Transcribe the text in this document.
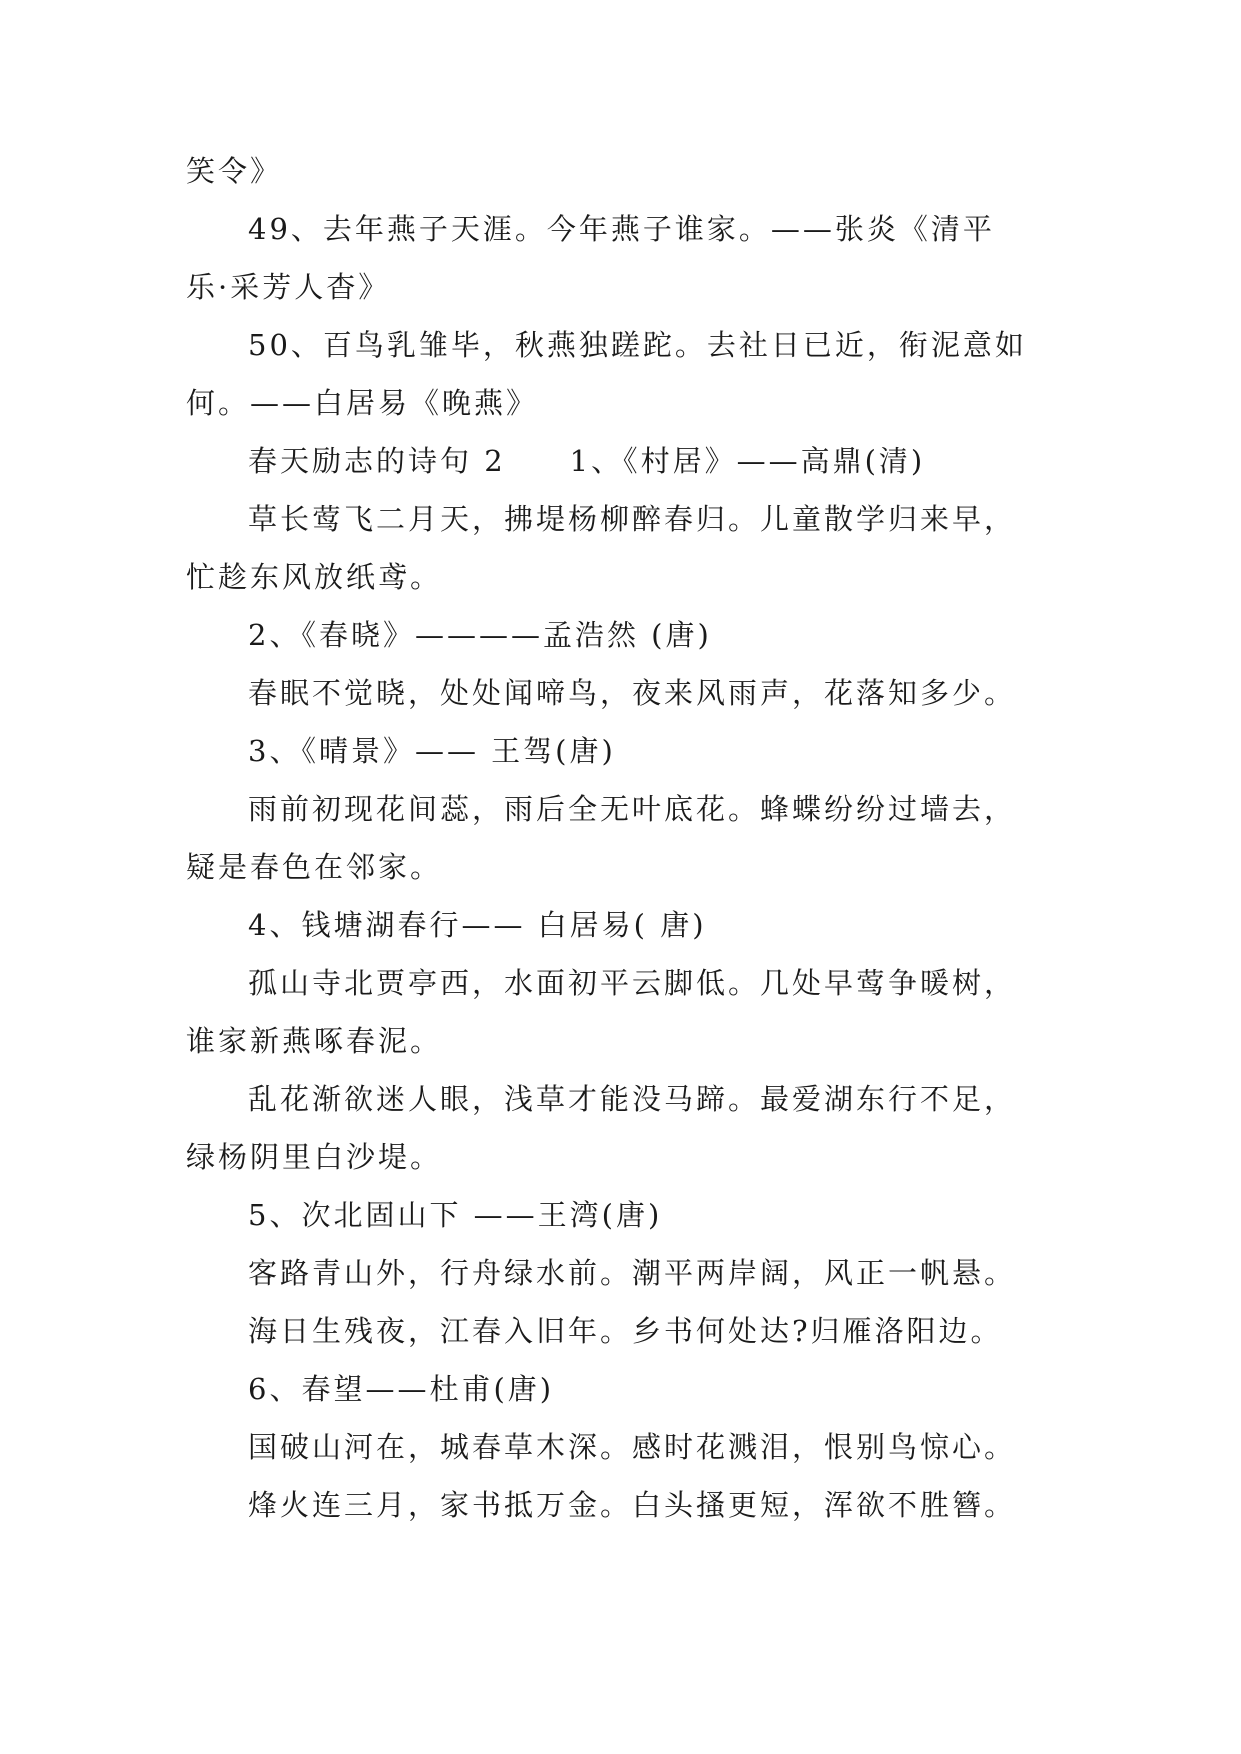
笑令》
49、去年燕子天涯。今年燕子谁家。——张炎《清平
乐·采芳人杳》
50、百鸟乳雏毕，秋燕独蹉跎。去社日已近，衔泥意如
何。——白居易《晚燕》
春天励志的诗句 2　　1、《村居》——高鼎(清)
草长莺飞二月天，拂堤杨柳醉春归。儿童散学归来早，
忙趁东风放纸鸢。
2、《春晓》————孟浩然 (唐)
春眠不觉晓，处处闻啼鸟，夜来风雨声，花落知多少。
3、《晴景》—— 王驾(唐)
雨前初现花间蕊，雨后全无叶底花。蜂蝶纷纷过墙去，
疑是春色在邻家。
4、钱塘湖春行—— 白居易( 唐)
孤山寺北贾亭西，水面初平云脚低。几处早莺争暖树，
谁家新燕啄春泥。
乱花渐欲迷人眼，浅草才能没马蹄。最爱湖东行不足，
绿杨阴里白沙堤。
5、次北固山下 ——王湾(唐)
客路青山外，行舟绿水前。潮平两岸阔，风正一帆悬。
海日生残夜，江春入旧年。乡书何处达?归雁洛阳边。
6、春望——杜甫(唐)
国破山河在，城春草木深。感时花溅泪，恨别鸟惊心。
烽火连三月，家书抵万金。白头搔更短，浑欲不胜簪。
